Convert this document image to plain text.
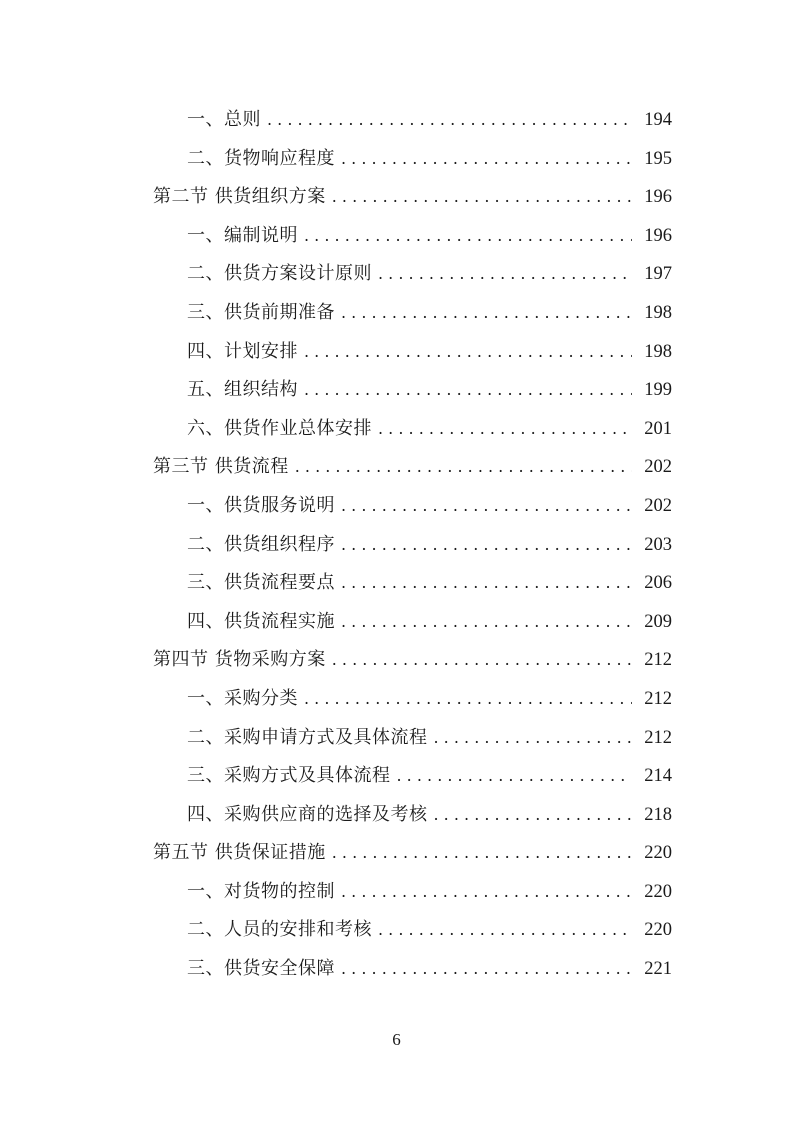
一、总则 . . .	194
二、货物响应程度 . . .	195
第二节 供货组织方案 . . .	196
一、编制说明 . . .	196
二、供货方案设计原则 . . .	197
三、供货前期准备 . . .	198
四、计划安排 . . .	198
五、组织结构 . . .	199
六、供货作业总体安排 . . .	201
第三节 供货流程 . . .	202
一、供货服务说明 . . .	202
二、供货组织程序 . . .	203
三、供货流程要点 . . .	206
四、供货流程实施 . . .	209
第四节 货物采购方案 . . .	212
一、采购分类 . . .	212
二、采购申请方式及具体流程 . . .	212
三、采购方式及具体流程 . . .	214
四、采购供应商的选择及考核 . . .	218
第五节 供货保证措施 . . .	220
一、对货物的控制 . . .	220
二、人员的安排和考核 . . .	220
三、供货安全保障 . . .	221
6
